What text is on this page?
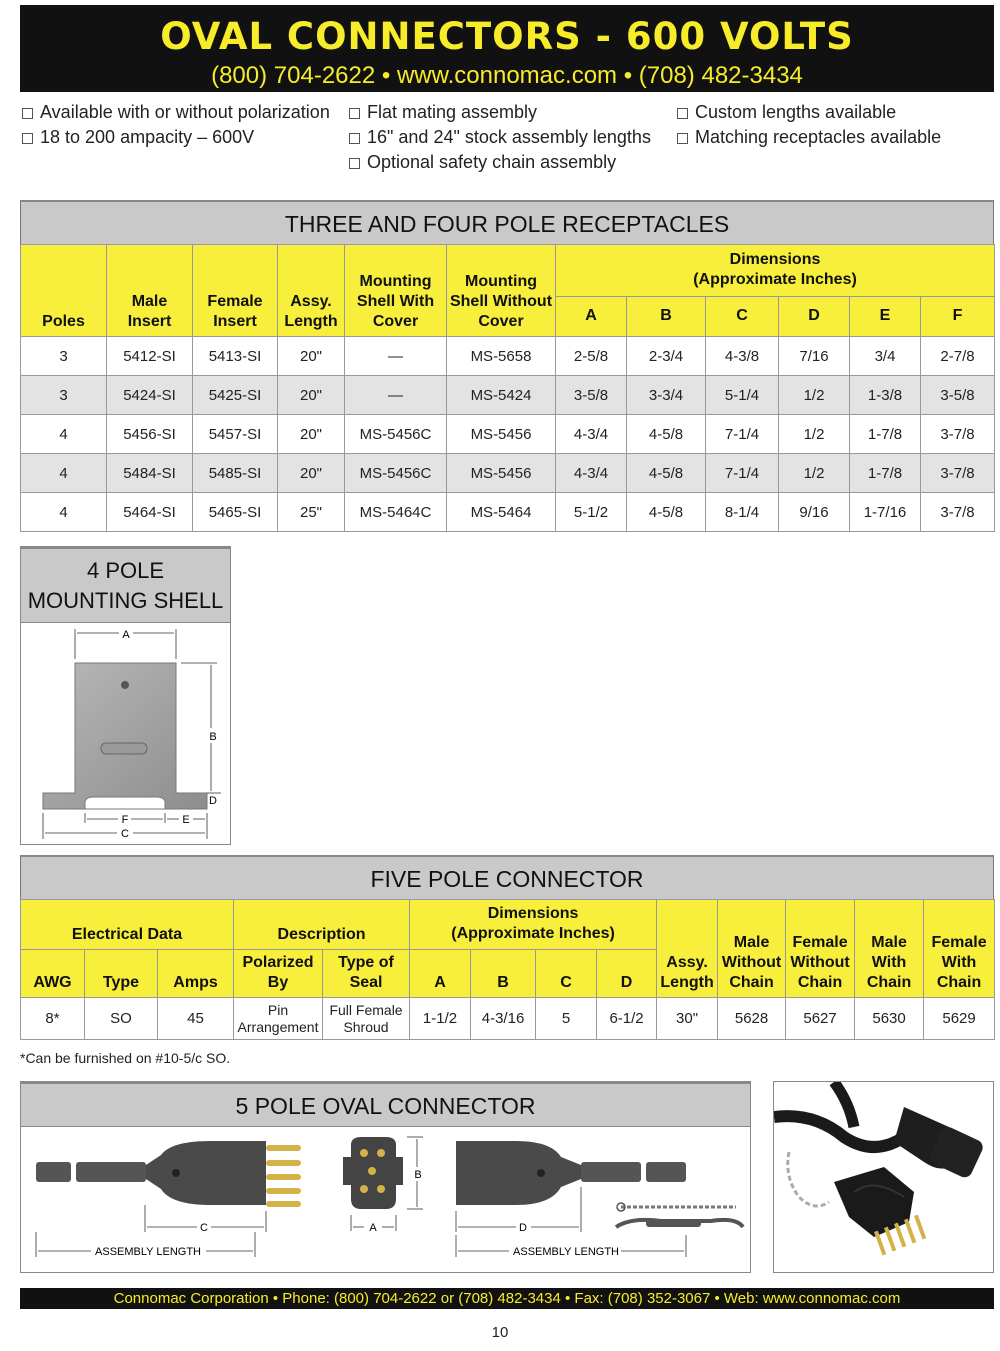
OVAL CONNECTORS - 600 VOLTS
(800) 704-2622 • www.connomac.com • (708) 482-3434
Available with or without polarization
18 to 200 ampacity – 600V
Flat mating assembly
16" and 24" stock assembly lengths
Optional safety chain assembly
Custom lengths available
Matching receptacles available
THREE AND FOUR POLE RECEPTACLES
Poles	Male Insert	Female Insert	Assy. Length	Mounting Shell With Cover	Mounting Shell Without Cover	Dimensions
(Approximate Inches)					

						A	B	C	D	E	F
3	5412-SI	5413-SI	20"	—	MS-5658	2-5/8	2-3/4	4-3/8	7/16	3/4	2-7/8
3	5424-SI	5425-SI	20"	—	MS-5424	3-5/8	3-3/4	5-1/4	1/2	1-3/8	3-5/8
4	5456-SI	5457-SI	20"	MS-5456C	MS-5456	4-3/4	4-5/8	7-1/4	1/2	1-7/8	3-7/8
4	5484-SI	5485-SI	20"	MS-5456C	MS-5456	4-3/4	4-5/8	7-1/4	1/2	1-7/8	3-7/8
4	5464-SI	5465-SI	25"	MS-5464C	MS-5464	5-1/2	4-5/8	8-1/4	9/16	1-7/16	3-7/8
4 POLE
MOUNTING SHELL
A
B
D
F	E
C
FIVE POLE CONNECTOR
Electrical Data			Description		Dimensions
(Approximate Inches)				Assy. Length	Male Without Chain	Female Without Chain	Male With Chain	Female With Chain
AWG	Type	Amps	Polarized By	Type of Seal	A	B	C	D					
8*	SO	45	Pin Arrangement	Full Female Shroud	1-1/2	4-3/16	5	6-1/2	30"	5628	5627	5630	5629
*Can be furnished on #10-5/c SO.
5 POLE OVAL CONNECTOR
C
ASSEMBLY LENGTH
B
A	D
ASSEMBLY LENGTH
Connomac Corporation • Phone: (800) 704-2622 or (708) 482-3434 • Fax: (708) 352-3067 • Web: www.connomac.com
10
